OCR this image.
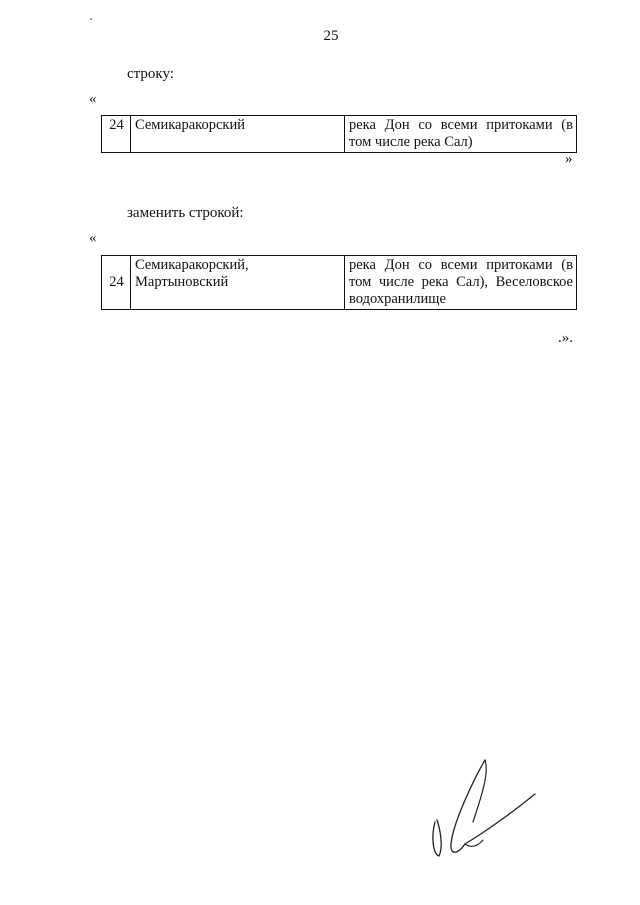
25
строку:
«
24	Семикаракорский	река Дон со всеми притоками (в том числе река Сал)
»
заменить строкой:
«
24	Семикаракорский, Мартыновский	река Дон со всеми притоками (в том числе река Сал), Веселовское водохранилище
.».
